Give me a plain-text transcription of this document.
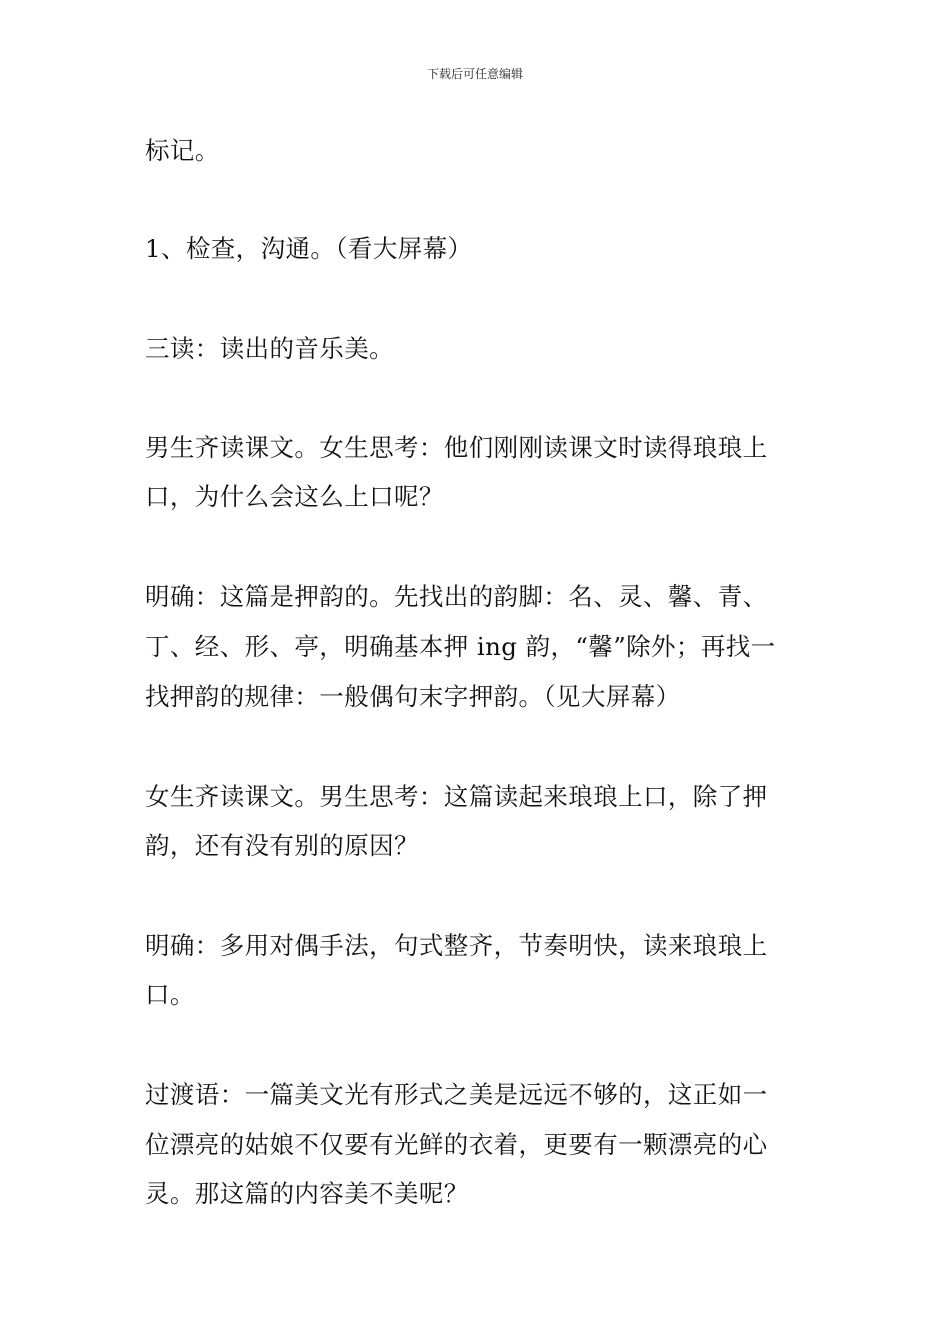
下载后可任意编辑
标记。
1、检查，沟通。（看大屏幕）
三读：读出的音乐美。
男生齐读课文。女生思考：他们刚刚读课文时读得琅琅上
口，为什么会这么上口呢？
明确：这篇是押韵的。先找出的韵脚：名、灵、馨、青、
丁、经、形、亭，明确基本押 ing 韵，“馨”除外；再找一
找押韵的规律：一般偶句末字押韵。（见大屏幕）
女生齐读课文。男生思考：这篇读起来琅琅上口，除了押
韵，还有没有别的原因？
明确：多用对偶手法，句式整齐，节奏明快，读来琅琅上
口。
过渡语：一篇美文光有形式之美是远远不够的，这正如一
位漂亮的姑娘不仅要有光鲜的衣着，更要有一颗漂亮的心
灵。那这篇的内容美不美呢？
